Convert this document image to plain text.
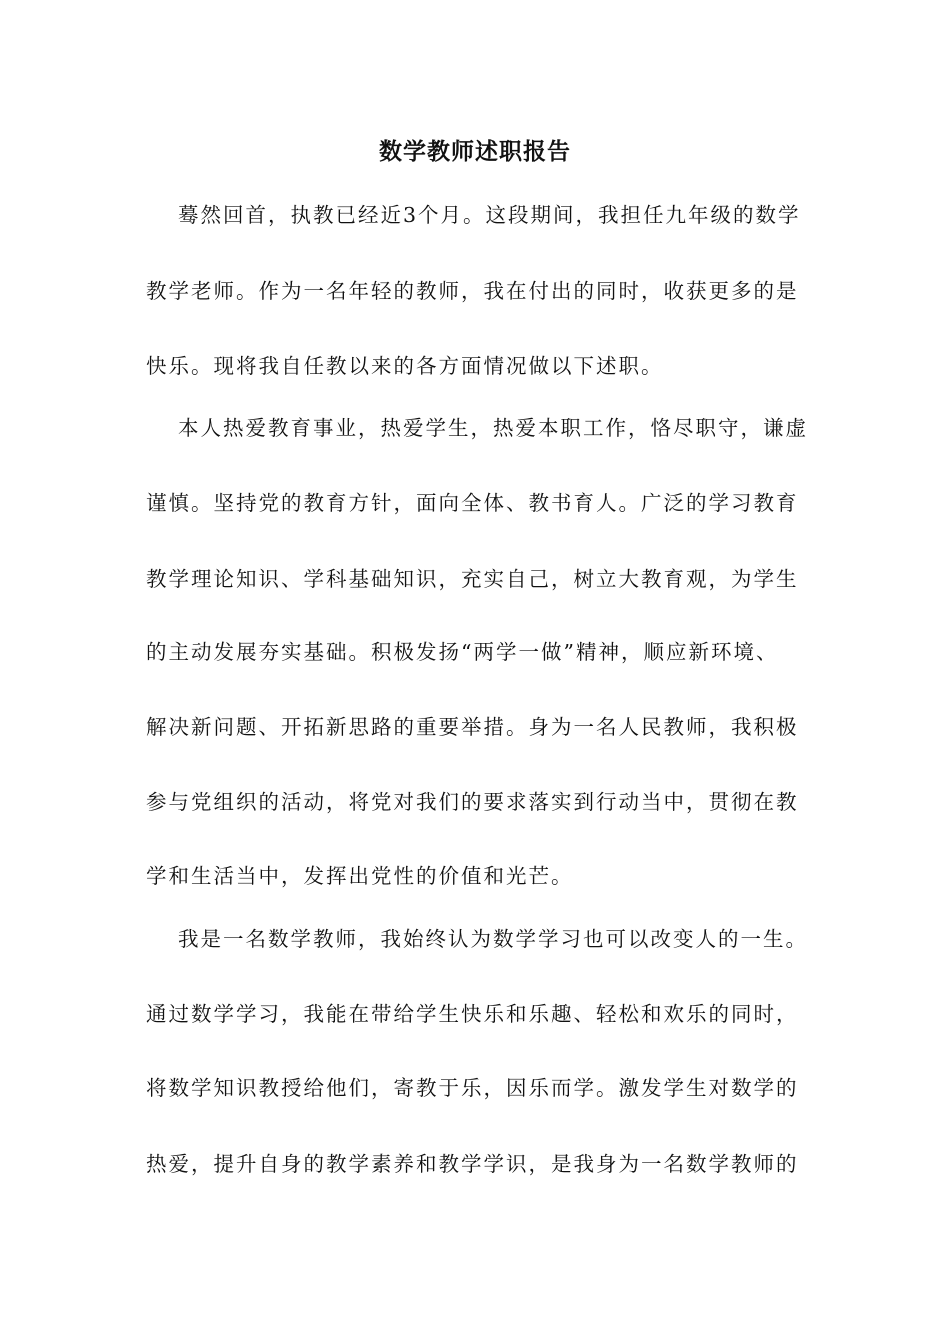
数学教师述职报告
蓦然回首，执教已经近3个月。这段期间，我担任九年级的数学
教学老师。作为一名年轻的教师，我在付出的同时，收获更多的是
快乐。现将我自任教以来的各方面情况做以下述职。
本人热爱教育事业，热爱学生，热爱本职工作，恪尽职守，谦虚
谨慎。坚持党的教育方针，面向全体、教书育人。广泛的学习教育
教学理论知识、学科基础知识，充实自己，树立大教育观，为学生
的主动发展夯实基础。积极发扬“两学一做”精神，顺应新环境、
解决新问题、开拓新思路的重要举措。身为一名人民教师，我积极
参与党组织的活动，将党对我们的要求落实到行动当中，贯彻在教
学和生活当中，发挥出党性的价值和光芒。
我是一名数学教师，我始终认为数学学习也可以改变人的一生。
通过数学学习，我能在带给学生快乐和乐趣、轻松和欢乐的同时，
将数学知识教授给他们，寄教于乐，因乐而学。激发学生对数学的
热爱，提升自身的教学素养和教学学识，是我身为一名数学教师的
